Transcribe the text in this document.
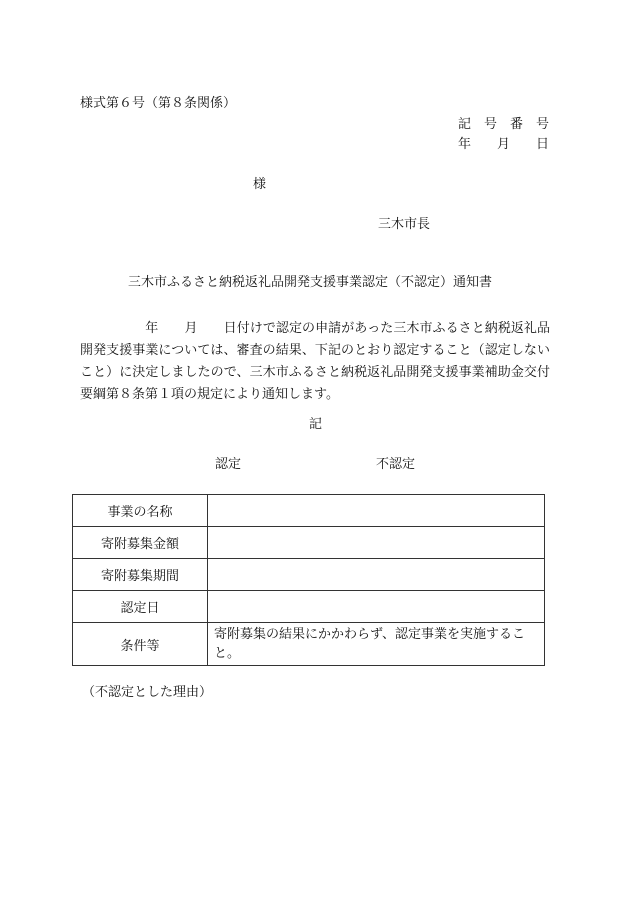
様式第６号（第８条関係）
記　号　番　号
年　　月　　日
様
三木市長
三木市ふるさと納税返礼品開発支援事業認定（不認定）通知書
　　　　　年　　月　　日付けで認定の申請があった三木市ふるさと納税返礼品開発支援事業については、審査の結果、下記のとおり認定すること（認定しないこと）に決定しましたので、三木市ふるさと納税返礼品開発支援事業補助金交付要綱第８条第１項の規定により通知します。
記
認定	不認定
事業の名称	
寄附募集金額	
寄附募集期間	
認定日	
条件等	寄附募集の結果にかかわらず、認定事業を実施すること。
（不認定とした理由）
